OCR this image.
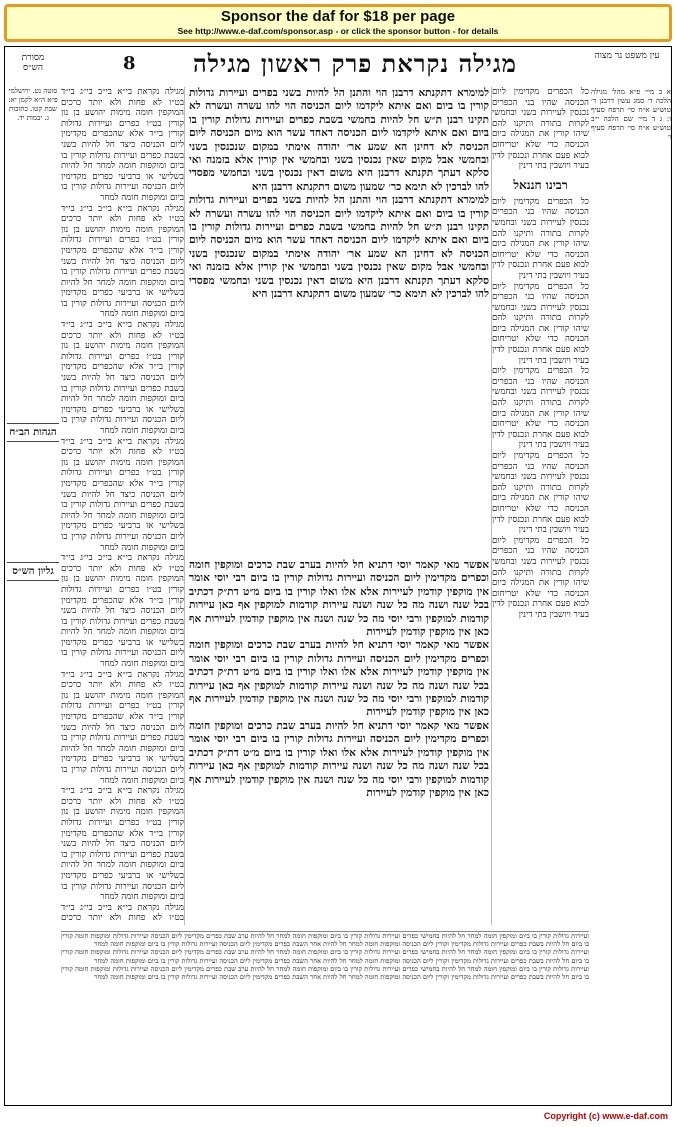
Sponsor the daf for $18 per page
See http://www.e-daf.com/sponsor.asp - or click the sponsor button - for details
מסורת הש״ס	8	מגילה נקראת פרק ראשון מגילה	עין משפט נר מצוה

סוטה נט. ירושלמי פ״א ה״א לקמן יא: שבת קטו. כתובות ג. יבמות יד.

הגהות הב״ח
גליון הש״ס

מגילה נקראת בי״א בי״ב בי״ג בי״ד בט״ו לא פחות ולא יותר כרכים המוקפין חומה מימות יהושע בן נון קורין בט״ו כפרים ועיירות גדולות קורין בי״ד אלא שהכפרים מקדימין ליום הכניסה כיצד חל להיות בשני בשבת כפרים ועיירות גדולות קורין בו ביום ומוקפות חומה למחר חל להיות בשלישי או ברביעי כפרים מקדימין ליום הכניסה ועיירות גדולות קורין בו ביום ומוקפות חומה למחר

מגילה נקראת בי״א בי״ב בי״ג בי״ד בט״ו לא פחות ולא יותר כרכים המוקפין חומה מימות יהושע בן נון קורין בט״ו כפרים ועיירות גדולות קורין בי״ד אלא שהכפרים מקדימין ליום הכניסה כיצד חל להיות בשני בשבת כפרים ועיירות גדולות קורין בו ביום ומוקפות חומה למחר חל להיות בשלישי או ברביעי כפרים מקדימין ליום הכניסה ועיירות גדולות קורין בו ביום ומוקפות חומה למחר

מגילה נקראת בי״א בי״ב בי״ג בי״ד בט״ו לא פחות ולא יותר כרכים המוקפין חומה מימות יהושע בן נון קורין בט״ו כפרים ועיירות גדולות קורין בי״ד אלא שהכפרים מקדימין ליום הכניסה כיצד חל להיות בשני בשבת כפרים ועיירות גדולות קורין בו ביום ומוקפות חומה למחר חל להיות בשלישי או ברביעי כפרים מקדימין ליום הכניסה ועיירות גדולות קורין בו ביום ומוקפות חומה למחר

מגילה נקראת בי״א בי״ב בי״ג בי״ד בט״ו לא פחות ולא יותר כרכים המוקפין חומה מימות יהושע בן נון קורין בט״ו כפרים ועיירות גדולות קורין בי״ד אלא שהכפרים מקדימין ליום הכניסה כיצד חל להיות בשני בשבת כפרים ועיירות גדולות קורין בו ביום ומוקפות חומה למחר חל להיות בשלישי או ברביעי כפרים מקדימין ליום הכניסה ועיירות גדולות קורין בו ביום ומוקפות חומה למחר

מגילה נקראת בי״א בי״ב בי״ג בי״ד בט״ו לא פחות ולא יותר כרכים המוקפין חומה מימות יהושע בן נון קורין בט״ו כפרים ועיירות גדולות קורין בי״ד אלא שהכפרים מקדימין ליום הכניסה כיצד חל להיות בשני בשבת כפרים ועיירות גדולות קורין בו ביום ומוקפות חומה למחר חל להיות בשלישי או ברביעי כפרים מקדימין ליום הכניסה ועיירות גדולות קורין בו ביום ומוקפות חומה למחר

מגילה נקראת בי״א בי״ב בי״ג בי״ד בט״ו לא פחות ולא יותר כרכים המוקפין חומה מימות יהושע בן נון קורין בט״ו כפרים ועיירות גדולות קורין בי״ד אלא שהכפרים מקדימין ליום הכניסה כיצד חל להיות בשני בשבת כפרים ועיירות גדולות קורין בו ביום ומוקפות חומה למחר חל להיות בשלישי או ברביעי כפרים מקדימין ליום הכניסה ועיירות גדולות קורין בו ביום ומוקפות חומה למחר

מגילה נקראת בי״א בי״ב בי״ג בי״ד בט״ו לא פחות ולא יותר כרכים המוקפין חומה מימות יהושע בן נון קורין בט״ו כפרים ועיירות גדולות קורין בי״ד אלא שהכפרים מקדימין ליום הכניסה כיצד חל להיות בשני בשבת כפרים ועיירות גדולות קורין בו ביום ומוקפות חומה למחר חל להיות בשלישי או ברביעי כפרים מקדימין ליום הכניסה ועיירות גדולות קורין בו ביום ומוקפות חומה למחר

מגילה נקראת בי״א בי״ב בי״ג בי״ד בט״ו לא פחות ולא יותר כרכים

למימרא דתקנתא דרבנן הוי והתנן הל להיות בשני בפרים ועיירות גדולות קורין בו ביום ואם איתא ליקדמו ליום הכניסה הוי להו עשרה ועשרה לא תקינו רבנן ת״ש חל להיות בחמשי בשבת כפרים ועיירות גדולות קורין בו ביום ואם איתא ליקדמו ליום הכניסה דאחד עשר הוא מיום הכניסה ליום הכניסה לא דחינן הא שמע אר׳ יהודה אימתי במקום שנכנסין בשני ובחמשי אבל מקום שאין נכנסין בשני ובחמשי אין קורין אלא בזמנה ואי סלקא דעתך תקנתא דרבנן היא משום דאין נכנסין בשני ובחמשי מפסדי להו לברכין לא תימא כר׳ שמעון משום דתקנתא דרבנן היא

למימרא דתקנתא דרבנן הוי והתנן הל להיות בשני בפרים ועיירות גדולות קורין בו ביום ואם איתא ליקדמו ליום הכניסה הוי להו עשרה ועשרה לא תקינו רבנן ת״ש חל להיות בחמשי בשבת כפרים ועיירות גדולות קורין בו ביום ואם איתא ליקדמו ליום הכניסה דאחד עשר הוא מיום הכניסה ליום הכניסה לא דחינן הא שמע אר׳ יהודה אימתי במקום שנכנסין בשני ובחמשי אבל מקום שאין נכנסין בשני ובחמשי אין קורין אלא בזמנה ואי סלקא דעתך תקנתא דרבנן היא משום דאין נכנסין בשני ובחמשי מפסדי להו לברכין לא תימא כר׳ שמעון משום דתקנתא דרבנן היא

אפשר מאי קאמר יוסי דתניא חל להיות בערב שבת כרכים ומוקפין חומה וכפרים מקדימין ליום הכניסה ועיירות גדולות קורין בו ביום רבי יוסי אומר אין מוקפין קודמין לעיירות אלא אלו ואלו קורין בו ביום מ״ט דת״ק דכתיב בכל שנה ושנה מה כל שנה ושנה עיירות קודמות למוקפין אף כאן עיירות קודמות למוקפין ורבי יוסי מה כל שנה ושנה אין מוקפין קודמין לעיירות אף כאן אין מוקפין קודמין לעיירות

אפשר מאי קאמר יוסי דתניא חל להיות בערב שבת כרכים ומוקפין חומה וכפרים מקדימין ליום הכניסה ועיירות גדולות קורין בו ביום רבי יוסי אומר אין מוקפין קודמין לעיירות אלא אלו ואלו קורין בו ביום מ״ט דת״ק דכתיב בכל שנה ושנה מה כל שנה ושנה עיירות קודמות למוקפין אף כאן עיירות קודמות למוקפין ורבי יוסי מה כל שנה ושנה אין מוקפין קודמין לעיירות אף כאן אין מוקפין קודמין לעיירות

אפשר מאי קאמר יוסי דתניא חל להיות בערב שבת כרכים ומוקפין חומה וכפרים מקדימין ליום הכניסה ועיירות גדולות קורין בו ביום רבי יוסי אומר אין מוקפין קודמין לעיירות אלא אלו ואלו קורין בו ביום מ״ט דת״ק דכתיב בכל שנה ושנה מה כל שנה ושנה עיירות קודמות למוקפין אף כאן עיירות קודמות למוקפין ורבי יוסי מה כל שנה ושנה אין מוקפין קודמין לעיירות אף כאן אין מוקפין קודמין לעיירות

כל הכפרים מקדימין ליום הכניסה שהיו בני הכפרים נכנסין לעיירות בשני ובחמשי לקרות בתורה ותיקנו להם שיהו קורין את המגילה ביום הכניסה כדי שלא יטריחום לבוא פעם אחרת ונכנסין לדין בעיר ויושבין בתי דינין

רבינו חננאל

כל הכפרים מקדימין ליום הכניסה שהיו בני הכפרים נכנסין לעיירות בשני ובחמשי לקרות בתורה ותיקנו להם שיהו קורין את המגילה ביום הכניסה כדי שלא יטריחום לבוא פעם אחרת ונכנסין לדין בעיר ויושבין בתי דינין

כל הכפרים מקדימין ליום הכניסה שהיו בני הכפרים נכנסין לעיירות בשני ובחמשי לקרות בתורה ותיקנו להם שיהו קורין את המגילה ביום הכניסה כדי שלא יטריחום לבוא פעם אחרת ונכנסין לדין בעיר ויושבין בתי דינין

כל הכפרים מקדימין ליום הכניסה שהיו בני הכפרים נכנסין לעיירות בשני ובחמשי לקרות בתורה ותיקנו להם שיהו קורין את המגילה ביום הכניסה כדי שלא יטריחום לבוא פעם אחרת ונכנסין לדין בעיר ויושבין בתי דינין

כל הכפרים מקדימין ליום הכניסה שהיו בני הכפרים נכנסין לעיירות בשני ובחמשי לקרות בתורה ותיקנו להם שיהו קורין את המגילה ביום הכניסה כדי שלא יטריחום לבוא פעם אחרת ונכנסין לדין בעיר ויושבין בתי דינין

כל הכפרים מקדימין ליום הכניסה שהיו בני הכפרים נכנסין לעיירות בשני ובחמשי לקרות בתורה ותיקנו להם שיהו קורין את המגילה ביום הכניסה כדי שלא יטריחום לבוא פעם אחרת ונכנסין לדין בעיר ויושבין בתי דינין

א ב מיי׳ פ״א מהל׳ מגילה הלכה ד׳ סמג עשין דרבנן ד׳ טוש״ע א״ח סי׳ תרפח סעיף ו: ג ד מיי׳ שם הלכה י״ב טוש״ע א״ח סי׳ תרפח סעיף ו׳

ועיירות גדולות קורין בו ביום ומוקפין חומה למחר חל להיות בחמישי כפרים ועיירות גדולות קורין בו ביום ומוקפות חומה למחר חל להיות ערב שבת כפרים מקדימין ליום הכניסה ועיירות גדולות ומוקפות חומה קורין בו ביום חל להיות בשבת כפרים ועיירות גדולות מקדימין וקורין ליום הכניסה ומוקפות חומה למחר חל להיות אחר השבת כפרים מקדימין ליום הכניסה ועיירות גדולות קורין בו ביום ומוקפות חומה למחר

ועיירות גדולות קורין בו ביום ומוקפין חומה למחר חל להיות בחמישי כפרים ועיירות גדולות קורין בו ביום ומוקפות חומה למחר חל להיות ערב שבת כפרים מקדימין ליום הכניסה ועיירות גדולות ומוקפות חומה קורין בו ביום חל להיות בשבת כפרים ועיירות גדולות מקדימין וקורין ליום הכניסה ומוקפות חומה למחר חל להיות אחר השבת כפרים מקדימין ליום הכניסה ועיירות גדולות קורין בו ביום ומוקפות חומה למחר

ועיירות גדולות קורין בו ביום ומוקפין חומה למחר חל להיות בחמישי כפרים ועיירות גדולות קורין בו ביום ומוקפות חומה למחר חל להיות ערב שבת כפרים מקדימין ליום הכניסה ועיירות גדולות ומוקפות חומה קורין בו ביום חל להיות בשבת כפרים ועיירות גדולות מקדימין וקורין ליום הכניסה ומוקפות חומה למחר חל להיות אחר השבת כפרים מקדימין ליום הכניסה ועיירות גדולות קורין בו ביום ומוקפות חומה למחר

Copyright (c) www.e-daf.com
